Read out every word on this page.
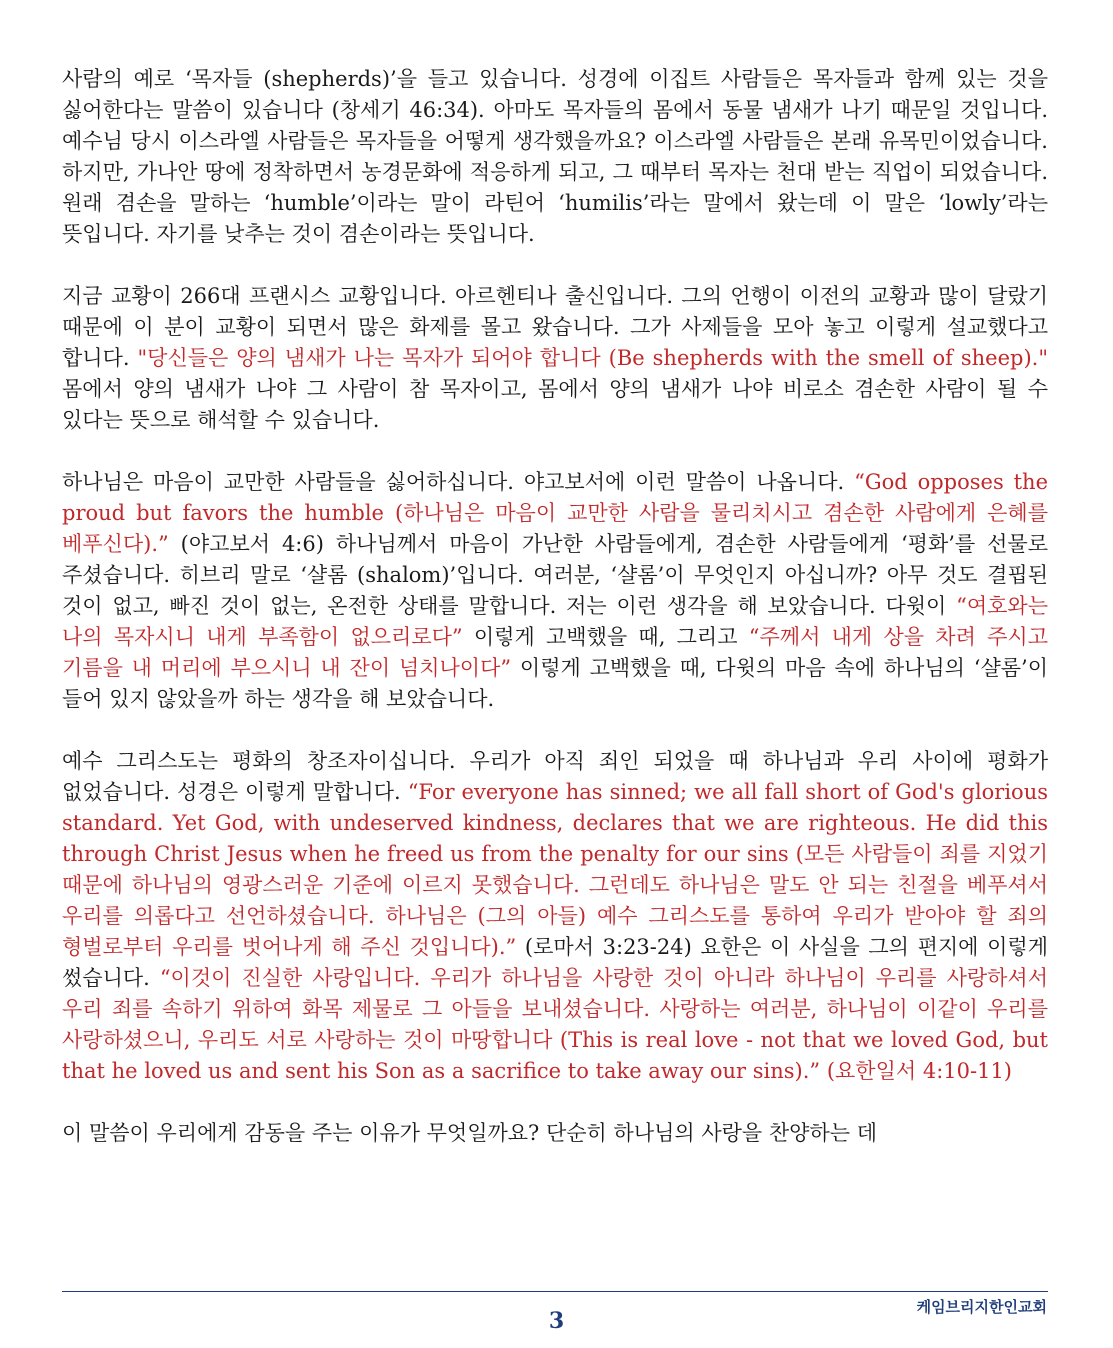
사람의 예로 ‘목자들 (shepherds)’을 들고 있습니다. 성경에 이집트 사람들은 목자들과 함께 있는 것을 싫어한다는 말씀이 있습니다 (창세기 46:34). 아마도 목자들의 몸에서 동물 냄새가 나기 때문일 것입니다. 예수님 당시 이스라엘 사람들은 목자들을 어떻게 생각했을까요? 이스라엘 사람들은 본래 유목민이었습니다. 하지만, 가나안 땅에 정착하면서 농경문화에 적응하게 되고, 그 때부터 목자는 천대 받는 직업이 되었습니다. 원래 겸손을 말하는 ‘humble’이라는 말이 라틴어 ‘humilis’라는 말에서 왔는데 이 말은 ‘lowly’라는 뜻입니다. 자기를 낮추는 것이 겸손이라는 뜻입니다.

지금 교황이 266대 프랜시스 교황입니다. 아르헨티나 출신입니다. 그의 언행이 이전의 교황과 많이 달랐기 때문에 이 분이 교황이 되면서 많은 화제를 몰고 왔습니다. 그가 사제들을 모아 놓고 이렇게 설교했다고 합니다. "당신들은 양의 냄새가 나는 목자가 되어야 합니다 (Be shepherds with the smell of sheep)." 몸에서 양의 냄새가 나야 그 사람이 참 목자이고, 몸에서 양의 냄새가 나야 비로소 겸손한 사람이 될 수 있다는 뜻으로 해석할 수 있습니다.

하나님은 마음이 교만한 사람들을 싫어하십니다. 야고보서에 이런 말씀이 나옵니다. “God opposes the proud but favors the humble (하나님은 마음이 교만한 사람을 물리치시고 겸손한 사람에게 은혜를 베푸신다).” (야고보서 4:6) 하나님께서 마음이 가난한 사람들에게, 겸손한 사람들에게 ‘평화’를 선물로 주셨습니다. 히브리 말로 ‘샬롬 (shalom)’입니다. 여러분, ‘샬롬’이 무엇인지 아십니까? 아무 것도 결핍된 것이 없고, 빠진 것이 없는, 온전한 상태를 말합니다. 저는 이런 생각을 해 보았습니다. 다윗이 “여호와는 나의 목자시니 내게 부족함이 없으리로다” 이렇게 고백했을 때, 그리고 “주께서 내게 상을 차려 주시고 기름을 내 머리에 부으시니 내 잔이 넘치나이다” 이렇게 고백했을 때, 다윗의 마음 속에 하나님의 ‘샬롬’이 들어 있지 않았을까 하는 생각을 해 보았습니다.

예수 그리스도는 평화의 창조자이십니다. 우리가 아직 죄인 되었을 때 하나님과 우리 사이에 평화가 없었습니다. 성경은 이렇게 말합니다. “For everyone has sinned; we all fall short of God's glorious standard. Yet God, with undeserved kindness, declares that we are righteous. He did this through Christ Jesus when he freed us from the penalty for our sins (모든 사람들이 죄를 지었기 때문에 하나님의 영광스러운 기준에 이르지 못했습니다. 그런데도 하나님은 말도 안 되는 친절을 베푸셔서 우리를 의롭다고 선언하셨습니다. 하나님은 (그의 아들) 예수 그리스도를 통하여 우리가 받아야 할 죄의 형벌로부터 우리를 벗어나게 해 주신 것입니다).” (로마서 3:23-24) 요한은 이 사실을 그의 편지에 이렇게 썼습니다. “이것이 진실한 사랑입니다. 우리가 하나님을 사랑한 것이 아니라 하나님이 우리를 사랑하셔서 우리 죄를 속하기 위하여 화목 제물로 그 아들을 보내셨습니다. 사랑하는 여러분, 하나님이 이같이 우리를 사랑하셨으니, 우리도 서로 사랑하는 것이 마땅합니다 (This is real love - not that we loved God, but that he loved us and sent his Son as a sacrifice to take away our sins).” (요한일서 4:10-11)

이 말씀이 우리에게 감동을 주는 이유가 무엇일까요? 단순히 하나님의 사랑을 찬양하는 데

케임브리지한인교회
3
